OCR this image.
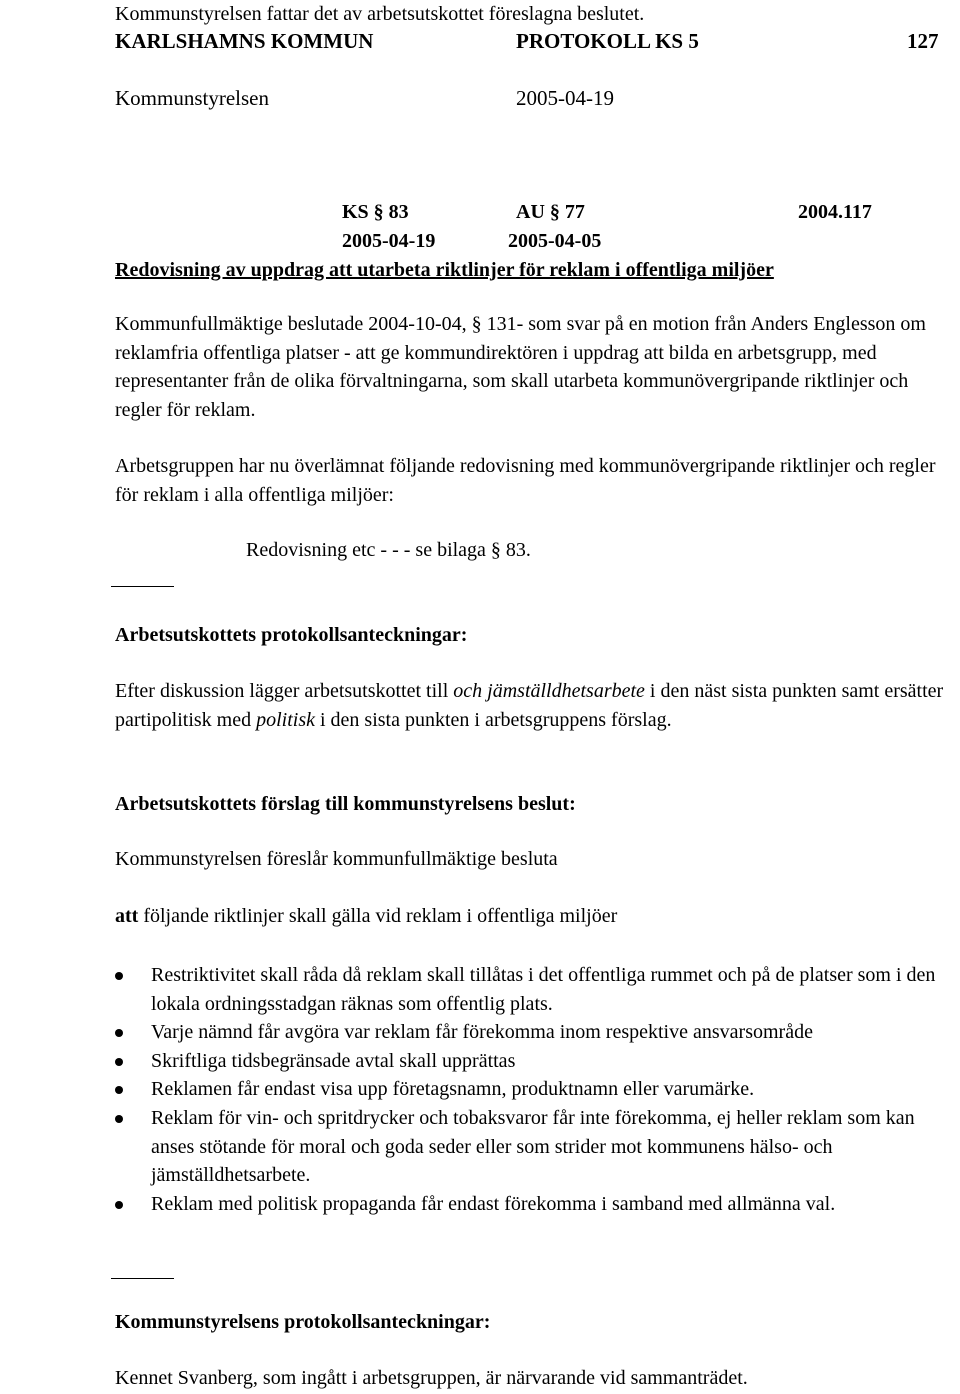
Kommunstyrelsen fattar det av arbetsutskottet föreslagna beslutet.
KARLSHAMNS KOMMUN	PROTOKOLL KS 5	127
Kommunstyrelsen	2005-04-19
KS § 83	AU § 77	2004.117
2005-04-19	2005-04-05
Redovisning av uppdrag att utarbeta riktlinjer för reklam i offentliga miljöer

Kommunfullmäktige beslutade 2004-10-04, § 131- som svar på en motion från Anders Englesson om reklamfria offentliga platser - att ge kommundirektören i uppdrag att bilda en arbetsgrupp, med representanter från de olika förvaltningarna, som skall utarbeta kommunövergripande riktlinjer och regler för reklam.

Arbetsgruppen har nu överlämnat följande redovisning med kommunövergripande riktlinjer och regler för reklam i alla offentliga miljöer:

Redovisning etc - - - se bilaga § 83.
Arbetsutskottets protokollsanteckningar:

Efter diskussion lägger arbetsutskottet till och jämställdhetsarbete i den näst sista punkten samt ersätter partipolitisk med politisk i den sista punkten i arbetsgruppens förslag.

Arbetsutskottets förslag till kommunstyrelsens beslut:
Kommunstyrelsen föreslår kommunfullmäktige besluta
att följande riktlinjer skall gälla vid reklam i offentliga miljöer
Restriktivitet skall råda då reklam skall tillåtas i det offentliga rummet och på de platser som i den lokala ordningsstadgan räknas som offentlig plats.
Varje nämnd får avgöra var reklam får förekomma inom respektive ansvarsområde
Skriftliga tidsbegränsade avtal skall upprättas
Reklamen får endast visa upp företagsnamn, produktnamn eller varumärke.
Reklam för vin- och spritdrycker och tobaksvaror får inte förekomma, ej heller reklam som kan anses stötande för moral och goda seder eller som strider mot kommunens hälso- och jämställdhetsarbete.
Reklam med politisk propaganda får endast förekomma i samband med allmänna val.
Kommunstyrelsens protokollsanteckningar:
Kennet Svanberg, som ingått i arbetsgruppen, är närvarande vid sammanträdet.
